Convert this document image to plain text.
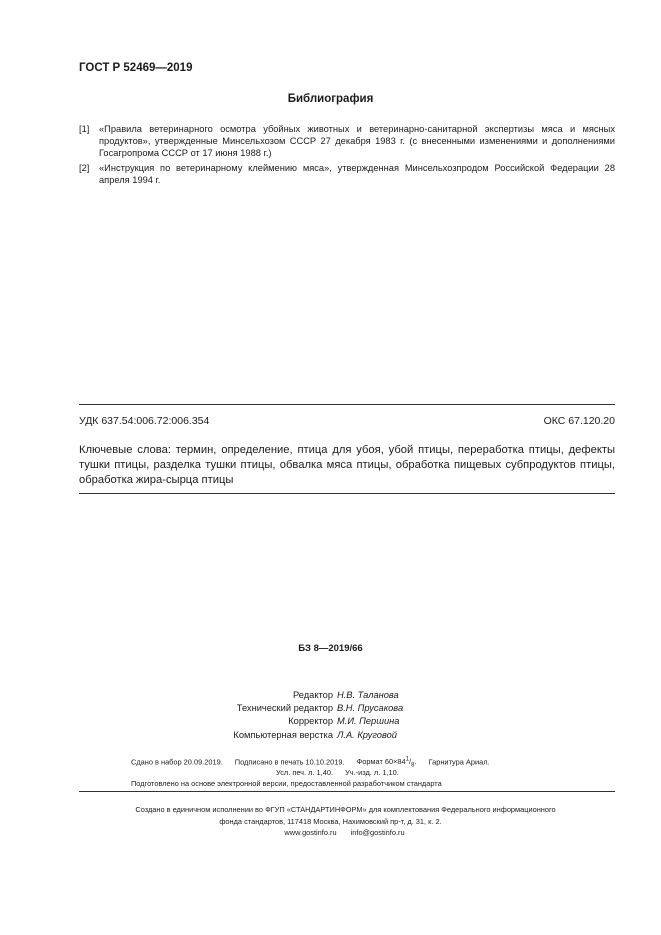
ГОСТ Р 52469—2019
Библиография
[1] «Правила ветеринарного осмотра убойных животных и ветеринарно-санитарной экспертизы мяса и мясных продуктов», утвержденные Минсельхозом СССР 27 декабря 1983 г. (с внесенными изменениями и дополнениями Госагропрома СССР от 17 июня 1988 г.)
[2] «Инструкция по ветеринарному клеймению мяса», утвержденная Минсельхозпродом Российской Федерации 28 апреля 1994 г.
УДК 637.54:006.72:006.354	ОКС 67.120.20
Ключевые слова: термин, определение, птица для убоя, убой птицы, переработка птицы, дефекты тушки птицы, разделка тушки птицы, обвалка мяса птицы, обработка пищевых субпродуктов птицы, обработка жира-сырца птицы
БЗ 8—2019/66
Редактор Н.В. Таланова
Технический редактор В.Н. Прусакова
Корректор М.И. Першина
Компьютерная верстка Л.А. Круговой
Сдано в набор 20.09.2019. Подписано в печать 10.10.2019. Формат $60\times 84^1/_8$. Гарнитура Ариал.
Усл. печ. л. 1,40. Уч.-изд. л. 1,10.
Подготовлено на основе электронной версии, предоставленной разработчиком стандарта
Создано в единичном исполнении во ФГУП «СТАНДАРТИНФОРМ» для комплектования Федерального информационного
фонда стандартов, 117418 Москва, Нахимовский пр-т, д. 31, к. 2.
www.gostinfo.ru info@gostinfo.ru
